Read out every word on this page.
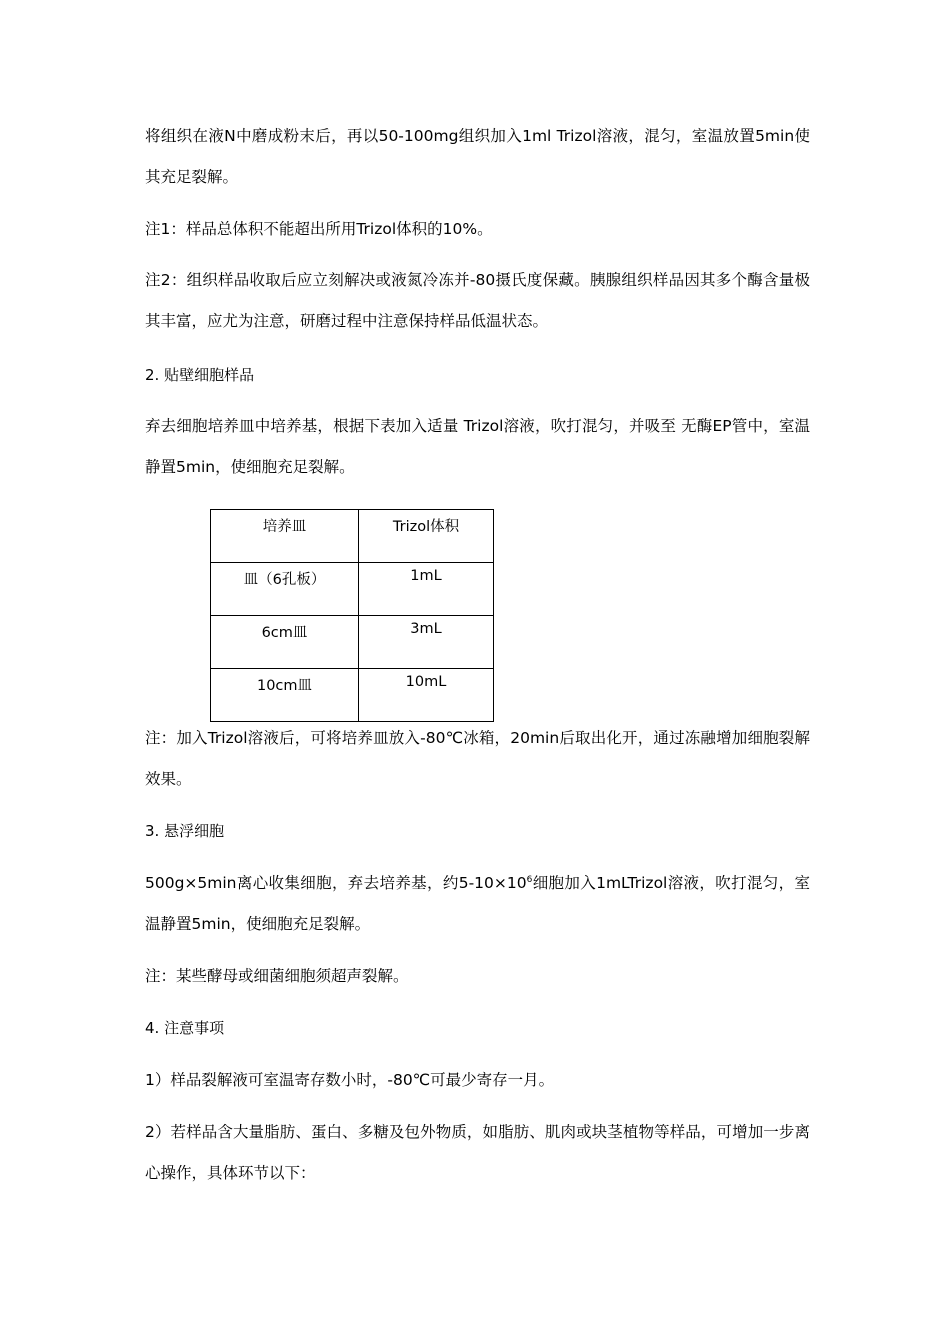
将组织在液N中磨成粉末后，再以50-100mg组织加入1ml Trizol溶液，混匀，室温放置5min使其充足裂解。

注1：样品总体积不能超出所用Trizol体积的10%。

注2：组织样品收取后应立刻解决或液氮冷冻并-80摄氏度保藏。胰腺组织样品因其多个酶含量极其丰富，应尤为注意，研磨过程中注意保持样品低温状态。

2. 贴壁细胞样品

弃去细胞培养皿中培养基，根据下表加入适量 Trizol溶液，吹打混匀，并吸至 无酶EP管中，室温静置5min，使细胞充足裂解。

培养皿	Trizol体积
皿（6孔板）	1mL
6cm皿	3mL
10cm皿	10mL

注：加入Trizol溶液后，可将培养皿放入-80℃冰箱，20min后取出化开，通过冻融增加细胞裂解效果。

3. 悬浮细胞

500g×5min离心收集细胞，弃去培养基，约$5-10\times 10^6$细胞加入1mLTrizol溶液，吹打混匀，室温静置5min，使细胞充足裂解。

注：某些酵母或细菌细胞须超声裂解。

4. 注意事项

1）样品裂解液可室温寄存数小时，-80℃可最少寄存一月。

2）若样品含大量脂肪、蛋白、多糖及包外物质，如脂肪、肌肉或块茎植物等样品，可增加一步离心操作，具体环节以下：
